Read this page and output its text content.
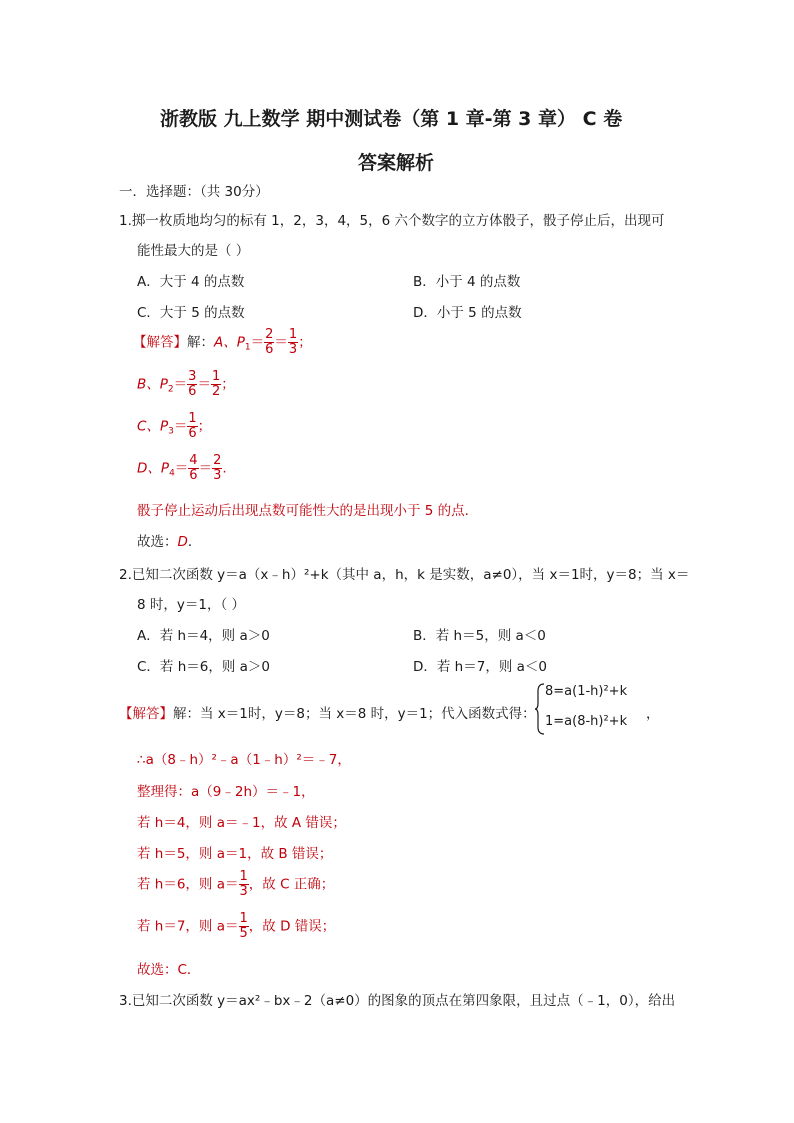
浙教版 九上数学 期中测试卷（第 1 章-第 3 章） C 卷
答案解析
一．选择题：（共 30分）
1.掷一枚质地均匀的标有 1，2，3，4，5，6 六个数字的立方体骰子，骰子停止后，出现可
能性最大的是（ ）
A．大于 4 的点数	B．小于 4 的点数
C．大于 5 的点数	D．小于 5 的点数
【解答】解：A、$P_1= \frac{2}{6} = \frac{1}{3}$ ；
B、$P_2= \frac{3}{6} = \frac{1}{2}$ ；
C、$P_3= \frac{1}{6}$ ；
D、$P_4= \frac{4}{6} = \frac{2}{3}$ .
骰子停止运动后出现点数可能性大的是出现小于 5 的点．
故选：D．
2.已知二次函数 y＝a（x﹣h）²+k（其中 a，h，k 是实数，a≠0），当 x＝1时，y＝8；当 x＝
8 时，y＝1，（ ）
A．若 h＝4，则 a＞0	B．若 h＝5，则 a＜0
C．若 h＝6，则 a＞0	D．若 h＝7，则 a＜0
【解答】解：当 x＝1时，y＝8；当 x＝8 时，y＝1；代入函数式得：
8=a(1-h)²+k
1=a(8-h)²+k ，
∴a（8﹣h）²﹣a（1﹣h）²＝﹣7，
整理得：a（9﹣2h）＝﹣1，
若 h＝4，则 a＝﹣1，故 A 错误；
若 h＝5，则 a＝1，故 B 错误；
若 h＝6，则 $a= \frac{1}{3}$ ，故 C 正确；
若 h＝7，则 $a= \frac{1}{5}$ ，故 D 错误；
故选：C．
3.已知二次函数 y＝ax²﹣bx﹣2（a≠0）的图象的顶点在第四象限，且过点（﹣1，0），给出
